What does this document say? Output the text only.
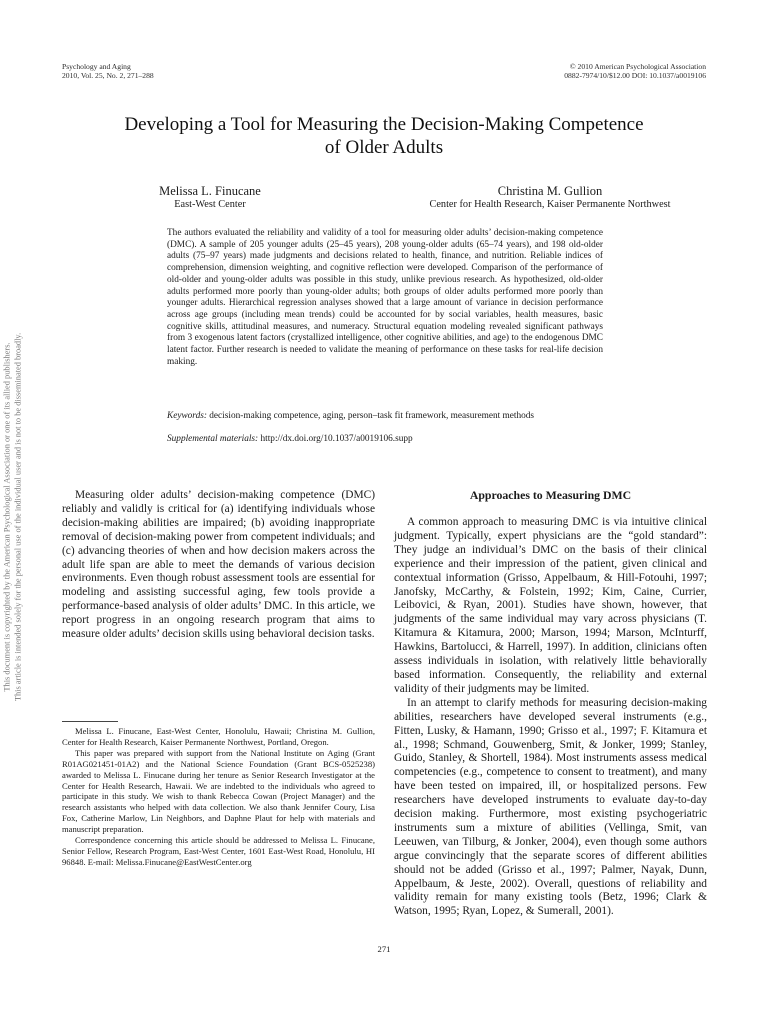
Psychology and Aging
2010, Vol. 25, No. 2, 271–288
© 2010 American Psychological Association
0882-7974/10/$12.00 DOI: 10.1037/a0019106
This document is copyrighted by the American Psychological Association or one of its allied publishers. This article is intended solely for the personal use of the individual user and is not to be disseminated broadly.
Developing a Tool for Measuring the Decision-Making Competence
of Older Adults
Melissa L. Finucane
East-West Center
Christina M. Gullion
Center for Health Research, Kaiser Permanente Northwest

The authors evaluated the reliability and validity of a tool for measuring older adults’ decision-making competence (DMC). A sample of 205 younger adults (25–45 years), 208 young-older adults (65–74 years), and 198 old-older adults (75–97 years) made judgments and decisions related to health, finance, and nutrition. Reliable indices of comprehension, dimension weighting, and cognitive reflection were developed. Comparison of the performance of old-older and young-older adults was possible in this study, unlike previous research. As hypothesized, old-older adults performed more poorly than young-older adults; both groups of older adults performed more poorly than younger adults. Hierarchical regression analyses showed that a large amount of variance in decision performance across age groups (including mean trends) could be accounted for by social variables, health measures, basic cognitive skills, attitudinal measures, and numeracy. Structural equation modeling revealed significant pathways from 3 exogenous latent factors (crystallized intelligence, other cognitive abilities, and age) to the endogenous DMC latent factor. Further research is needed to validate the meaning of performance on these tasks for real-life decision making.

Keywords: decision-making competence, aging, person–task fit framework, measurement methods
Supplemental materials: http://dx.doi.org/10.1037/a0019106.supp

Measuring older adults’ decision-making competence (DMC) reliably and validly is critical for (a) identifying individuals whose decision-making abilities are impaired; (b) avoiding inappropriate removal of decision-making power from competent individuals; and (c) advancing theories of when and how decision makers across the adult life span are able to meet the demands of various decision environments. Even though robust assessment tools are essential for modeling and assisting successful aging, few tools provide a performance-based analysis of older adults’ DMC. In this article, we report progress in an ongoing research program that aims to measure older adults’ decision skills using behavioral decision tasks.

Melissa L. Finucane, East-West Center, Honolulu, Hawaii; Christina M. Gullion, Center for Health Research, Kaiser Permanente Northwest, Portland, Oregon.

This paper was prepared with support from the National Institute on Aging (Grant R01AG021451-01A2) and the National Science Foundation (Grant BCS-0525238) awarded to Melissa L. Finucane during her tenure as Senior Research Investigator at the Center for Health Research, Hawaii. We are indebted to the individuals who agreed to participate in this study. We wish to thank Rebecca Cowan (Project Manager) and the research assistants who helped with data collection. We also thank Jennifer Coury, Lisa Fox, Catherine Marlow, Lin Neighbors, and Daphne Plaut for help with materials and manuscript preparation.

Correspondence concerning this article should be addressed to Melissa L. Finucane, Senior Fellow, Research Program, East-West Center, 1601 East-West Road, Honolulu, HI 96848. E-mail: Melissa.Finucane@EastWestCenter.org

Approaches to Measuring DMC

A common approach to measuring DMC is via intuitive clinical judgment. Typically, expert physicians are the “gold standard”: They judge an individual’s DMC on the basis of their clinical experience and their impression of the patient, given clinical and contextual information (Grisso, Appelbaum, & Hill-Fotouhi, 1997; Janofsky, McCarthy, & Folstein, 1992; Kim, Caine, Currier, Leibovici, & Ryan, 2001). Studies have shown, however, that judgments of the same individual may vary across physicians (T. Kitamura & Kitamura, 2000; Marson, 1994; Marson, McInturff, Hawkins, Bartolucci, & Harrell, 1997). In addition, clinicians often assess individuals in isolation, with relatively little behaviorally based information. Consequently, the reliability and external validity of their judgments may be limited.

In an attempt to clarify methods for measuring decision-making abilities, researchers have developed several instruments (e.g., Fitten, Lusky, & Hamann, 1990; Grisso et al., 1997; F. Kitamura et al., 1998; Schmand, Gouwenberg, Smit, & Jonker, 1999; Stanley, Guido, Stanley, & Shortell, 1984). Most instruments assess medical competencies (e.g., competence to consent to treatment), and many have been tested on impaired, ill, or hospitalized persons. Few researchers have developed instruments to evaluate day-to-day decision making. Furthermore, most existing psychogeriatric instruments sum a mixture of abilities (Vellinga, Smit, van Leeuwen, van Tilburg, & Jonker, 2004), even though some authors argue convincingly that the separate scores of different abilities should not be added (Grisso et al., 1997; Palmer, Nayak, Dunn, Appelbaum, & Jeste, 2002). Overall, questions of reliability and validity remain for many existing tools (Betz, 1996; Clark & Watson, 1995; Ryan, Lopez, & Sumerall, 2001).

271
